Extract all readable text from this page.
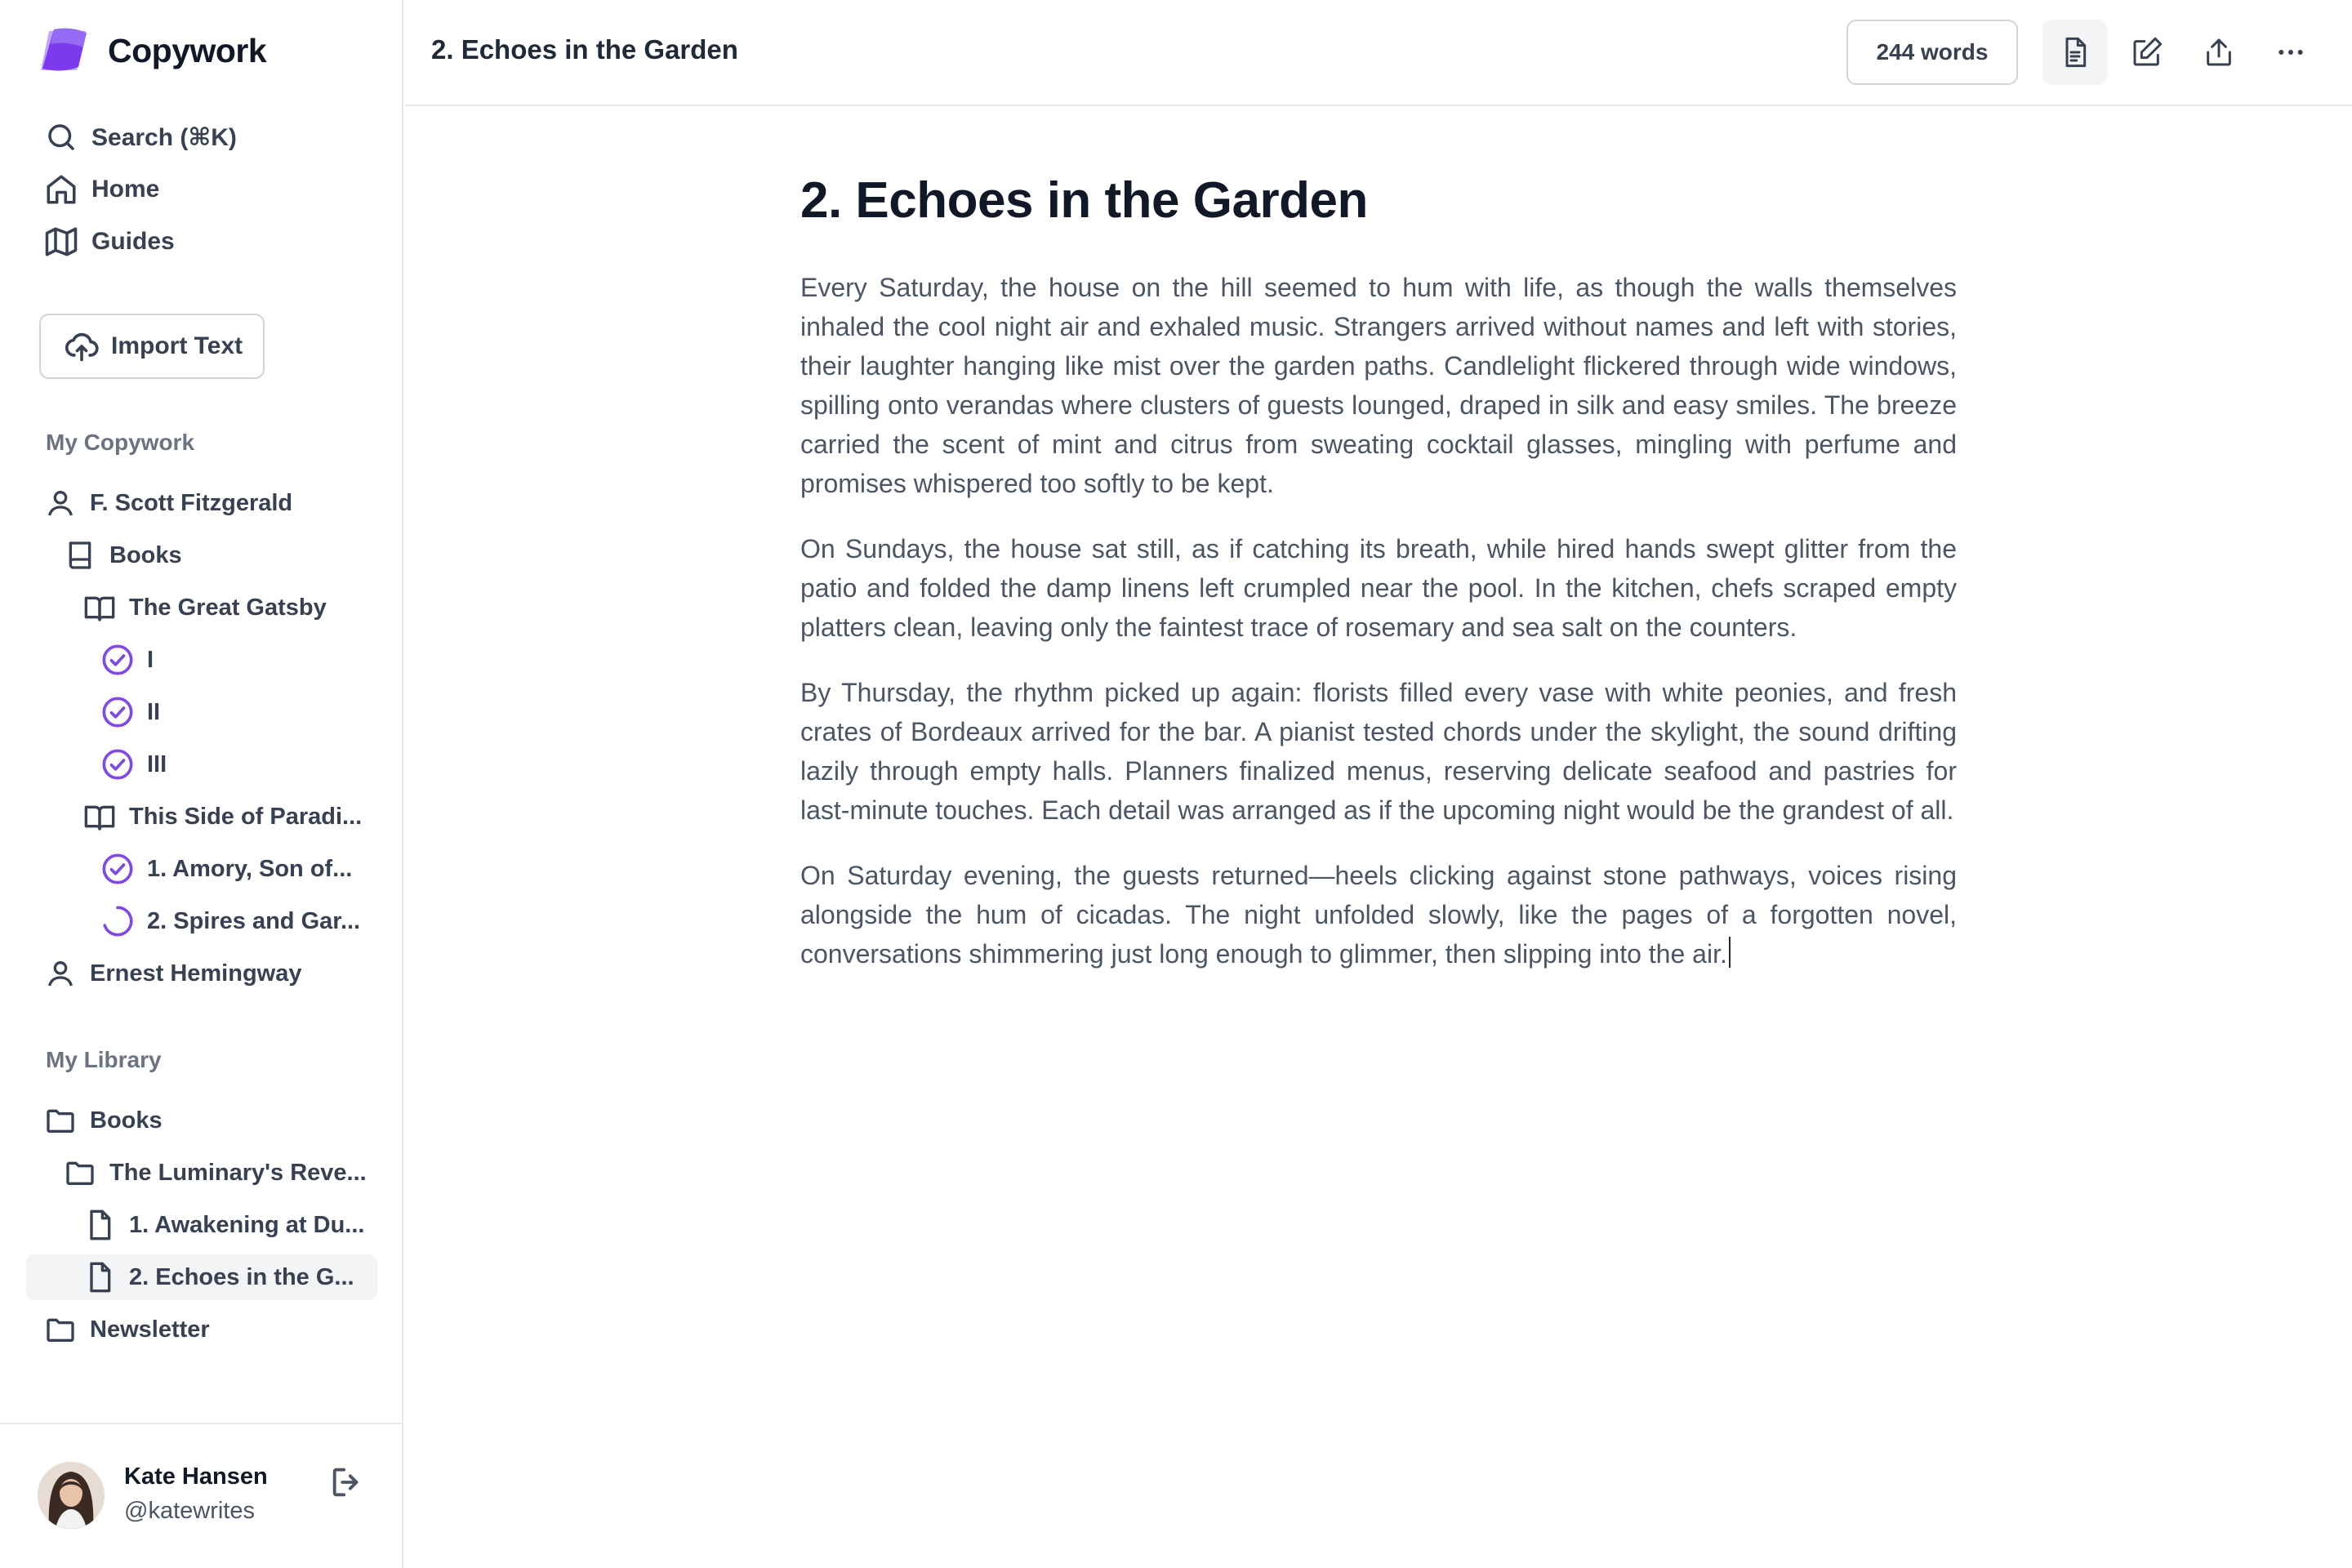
Copywork
Search (⌘K)
Home
Guides
Import Text
My Copywork
F. Scott Fitzgerald
Books
The Great Gatsby
I
II
III
This Side of Paradi...
1. Amory, Son of...
2. Spires and Gar...
Ernest Hemingway
My Library
Books
The Luminary's Reve...
1. Awakening at Du...
2. Echoes in the G...
Newsletter
Kate Hansen
@katewrites
2. Echoes in the Garden	244 words
2. Echoes in the Garden

Every Saturday, the house on the hill seemed to hum with life, as though the walls themselves inhaled the cool night air and exhaled music. Strangers arrived without names and left with stories, their laughter hanging like mist over the garden paths. Candlelight flickered through wide windows, spilling onto verandas where clusters of guests lounged, draped in silk and easy smiles. The breeze carried the scent of mint and citrus from sweating cocktail glasses, mingling with perfume and promises whispered too softly to be kept.

On Sundays, the house sat still, as if catching its breath, while hired hands swept glitter from the patio and folded the damp linens left crumpled near the pool. In the kitchen, chefs scraped empty platters clean, leaving only the faintest trace of rosemary and sea salt on the counters.

By Thursday, the rhythm picked up again: florists filled every vase with white peonies, and fresh crates of Bordeaux arrived for the bar. A pianist tested chords under the skylight, the sound drifting lazily through empty halls. Planners finalized menus, reserving delicate seafood and pastries for last-minute touches. Each detail was arranged as if the upcoming night would be the grandest of all.

On Saturday evening, the guests returned—heels clicking against stone pathways, voices rising alongside the hum of cicadas. The night unfolded slowly, like the pages of a forgotten novel, conversations shimmering just long enough to glimmer, then slipping into the air.
